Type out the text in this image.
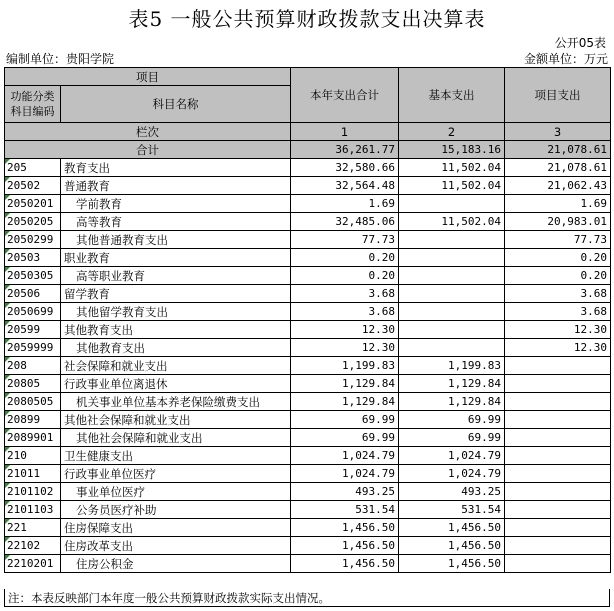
表5 一般公共预算财政拨款支出决算表
公开05表
编制单位：贵阳学院	金额单位：万元
项目		本年支出合计	基本支出	项目支出
功能分类科目编码	科目名称			
栏次		1	2	3
合计		36,261.77	15,183.16	21,078.61
205	教育支出	32,580.66	11,502.04	21,078.61
20502	普通教育	32,564.48	11,502.04	21,062.43
2050201	学前教育	1.69		1.69
2050205	高等教育	32,485.06	11,502.04	20,983.01
2050299	其他普通教育支出	77.73		77.73
20503	职业教育	0.20		0.20
2050305	高等职业教育	0.20		0.20
20506	留学教育	3.68		3.68
2050699	其他留学教育支出	3.68		3.68
20599	其他教育支出	12.30		12.30
2059999	其他教育支出	12.30		12.30
208	社会保障和就业支出	1,199.83	1,199.83	
20805	行政事业单位离退休	1,129.84	1,129.84	
2080505	机关事业单位基本养老保险缴费支出	1,129.84	1,129.84	
20899	其他社会保障和就业支出	69.99	69.99	
2089901	其他社会保障和就业支出	69.99	69.99	
210	卫生健康支出	1,024.79	1,024.79	
21011	行政事业单位医疗	1,024.79	1,024.79	
2101102	事业单位医疗	493.25	493.25	
2101103	公务员医疗补助	531.54	531.54	
221	住房保障支出	1,456.50	1,456.50	
22102	住房改革支出	1,456.50	1,456.50	
2210201	住房公积金	1,456.50	1,456.50	
注：本表反映部门本年度一般公共预算财政拨款实际支出情况。
